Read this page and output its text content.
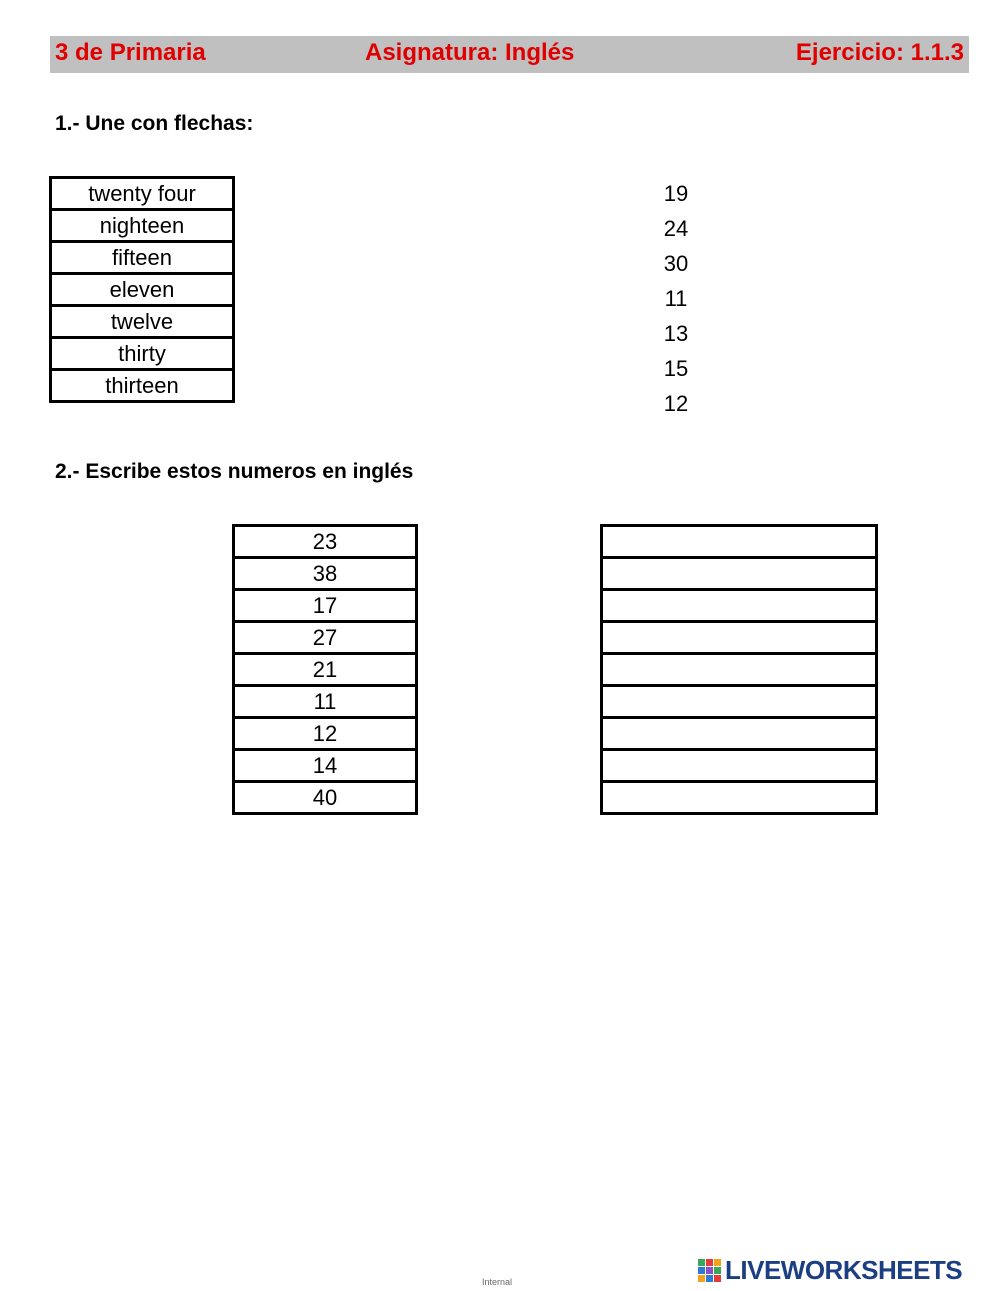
3 de Primaria	Asignatura: Inglés	Ejercicio: 1.1.3
1.- Une con flechas:
twenty four
nighteen
fifteen
eleven
twelve
thirty
thirteen
19
24
30
11
13
15
12
2.- Escribe estos numeros en inglés
23
38
17
27
21
11
12
14
40

Internal	LIVEWORKSHEETS
